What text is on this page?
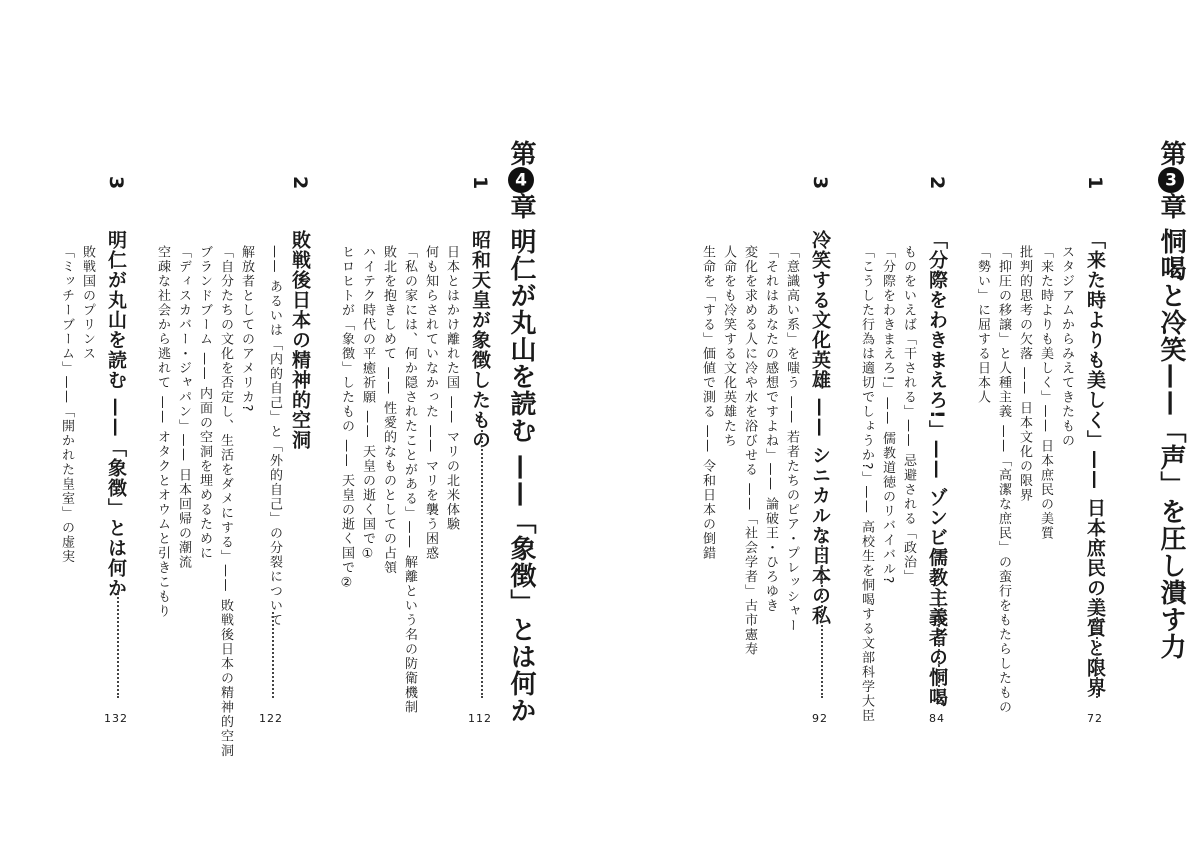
第3章
恫喝と冷笑——「声」を圧し潰す力
1
「来た時よりも美しく」—— 日本庶民の美質と限界
72
スタジアムからみえてきたもの
「来た時よりも美しく」—— 日本庶民の美質
批判的思考の欠落 —— 日本文化の限界
「抑圧の移譲」と人種主義 ——「高潔な庶民」の蛮行をもたらしたもの
「勢い」に屈する日本人
2
「分際をわきまえろ!」—— ゾンビ儒教主義者の恫喝
84
ものをいえば「干される」—— 忌避される「政治」
「分際をわきまえろ!」—— 儒教道徳のリバイバル?
「こうした行為は適切でしょうか?」—— 高校生を恫喝する文部科学大臣
3
冷笑する文化英雄 —— シニカルな日本の私
92
「意識高い系」を嗤う —— 若者たちのピア・プレッシャー
「それはあなたの感想ですよね」—— 論破王・ひろゆき
変化を求める人に冷や水を浴びせる ——「社会学者」古市憲寿
人命をも冷笑する文化英雄たち
生命を「する」価値で測る —— 令和日本の倒錯
第4章
明仁が丸山を読む ——「象徴」とは何か
1
昭和天皇が象徴したもの
112
日本とはかけ離れた国 —— マリの北米体験
何も知らされていなかった —— マリを襲う困惑
「私の家には、何か隠されたことがある」—— 解離という名の防衛機制
敗北を抱きしめて —— 性愛的なものとしての占領
ハイテク時代の平癒祈願 —— 天皇の逝く国で①
ヒロヒトが「象徴」したもの —— 天皇の逝く国で②
2
敗戦後日本の精神的空洞
—— あるいは「内的自己」と「外的自己」の分裂について
122
解放者としてのアメリカ?
「自分たちの文化を否定し、生活をダメにする」—— 敗戦後日本の精神的空洞
ブランドブーム —— 内面の空洞を埋めるために
「ディスカバー・ジャパン」—— 日本回帰の潮流
空疎な社会から逃れて —— オタクとオウムと引きこもり
3
明仁が丸山を読む ——「象徴」とは何か
132
敗戦国のプリンス
「ミッチーブーム」——「開かれた皇室」の虚実
